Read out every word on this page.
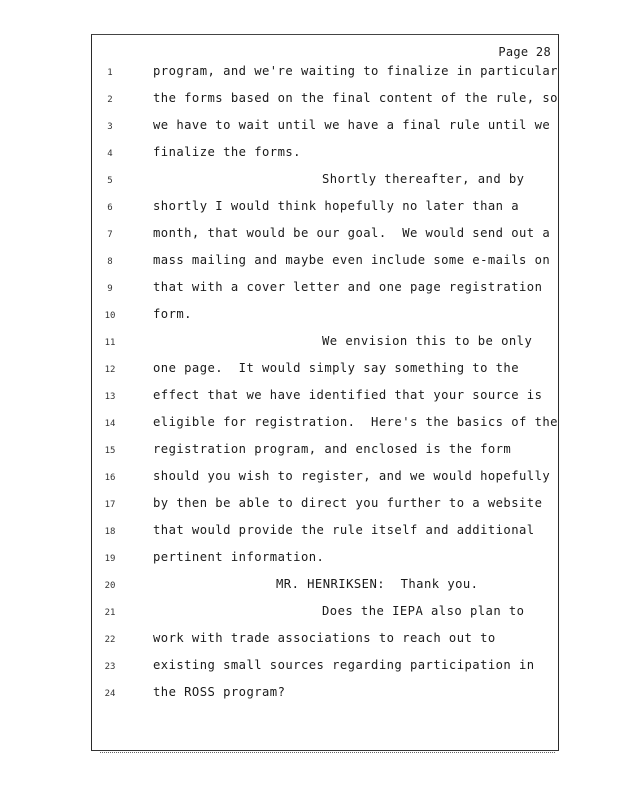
Page 28
1	program, and we're waiting to finalize in particular
2	the forms based on the final content of the rule, so
3	we have to wait until we have a final rule until we
4	finalize the forms.
5	Shortly thereafter, and by
6	shortly I would think hopefully no later than a
7	month, that would be our goal.  We would send out a
8	mass mailing and maybe even include some e-mails on
9	that with a cover letter and one page registration
10	form.
11	We envision this to be only
12	one page.  It would simply say something to the
13	effect that we have identified that your source is
14	eligible for registration.  Here's the basics of the
15	registration program, and enclosed is the form
16	should you wish to register, and we would hopefully
17	by then be able to direct you further to a website
18	that would provide the rule itself and additional
19	pertinent information.
20	MR. HENRIKSEN:  Thank you.
21	Does the IEPA also plan to
22	work with trade associations to reach out to
23	existing small sources regarding participation in
24	the ROSS program?
